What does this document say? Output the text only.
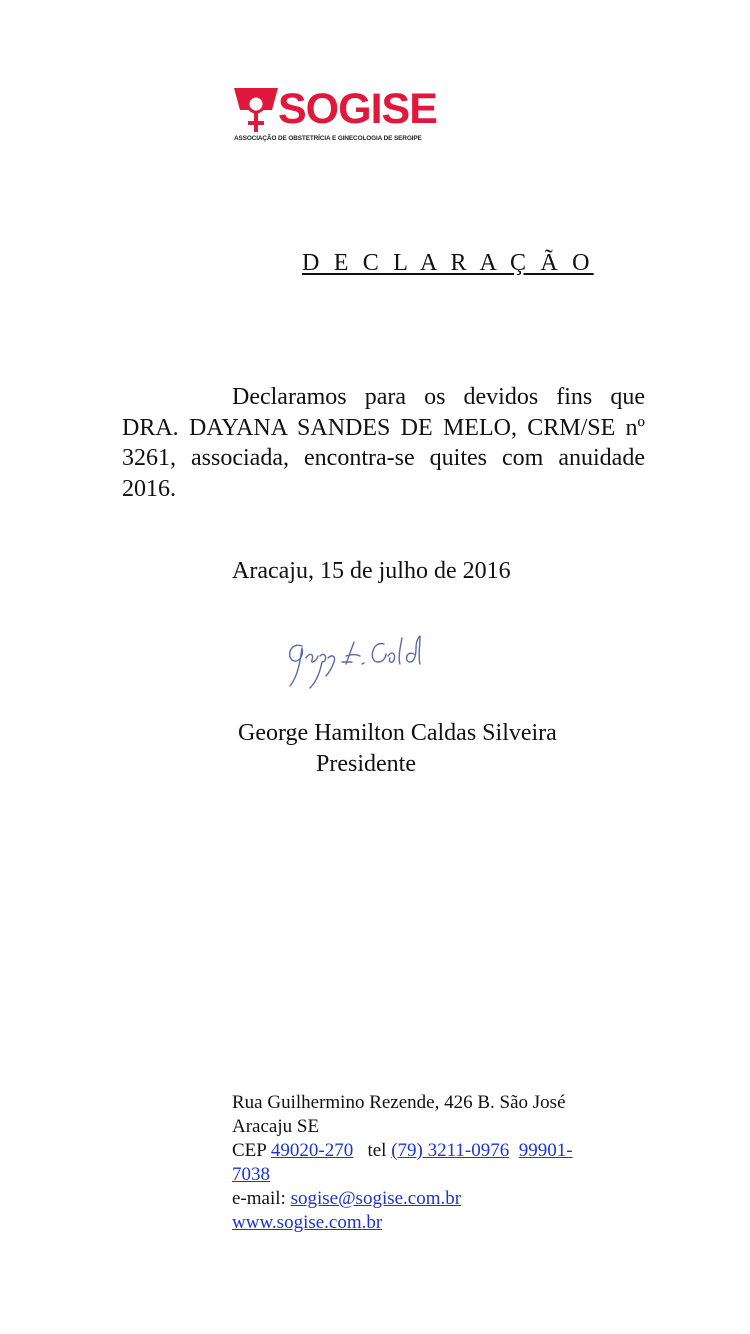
SOGISE
ASSOCIAÇÃO DE OBSTETRÍCIA E GINECOLOGIA DE SERGIPE
D E C L A R A Ç Ã O

Declaramos para os devidos fins que DRA. DAYANA SANDES DE MELO, CRM/SE nº 3261, associada, encontra-se quites com anuidade 2016.

Aracaju, 15 de julho de 2016
George Hamilton Caldas Silveira
Presidente
Rua Guilhermino Rezende, 426 B. São José
Aracaju SE
CEP 49020-270 tel (79) 3211-0976 99901-
7038
e-mail: sogise@sogise.com.br
www.sogise.com.br
